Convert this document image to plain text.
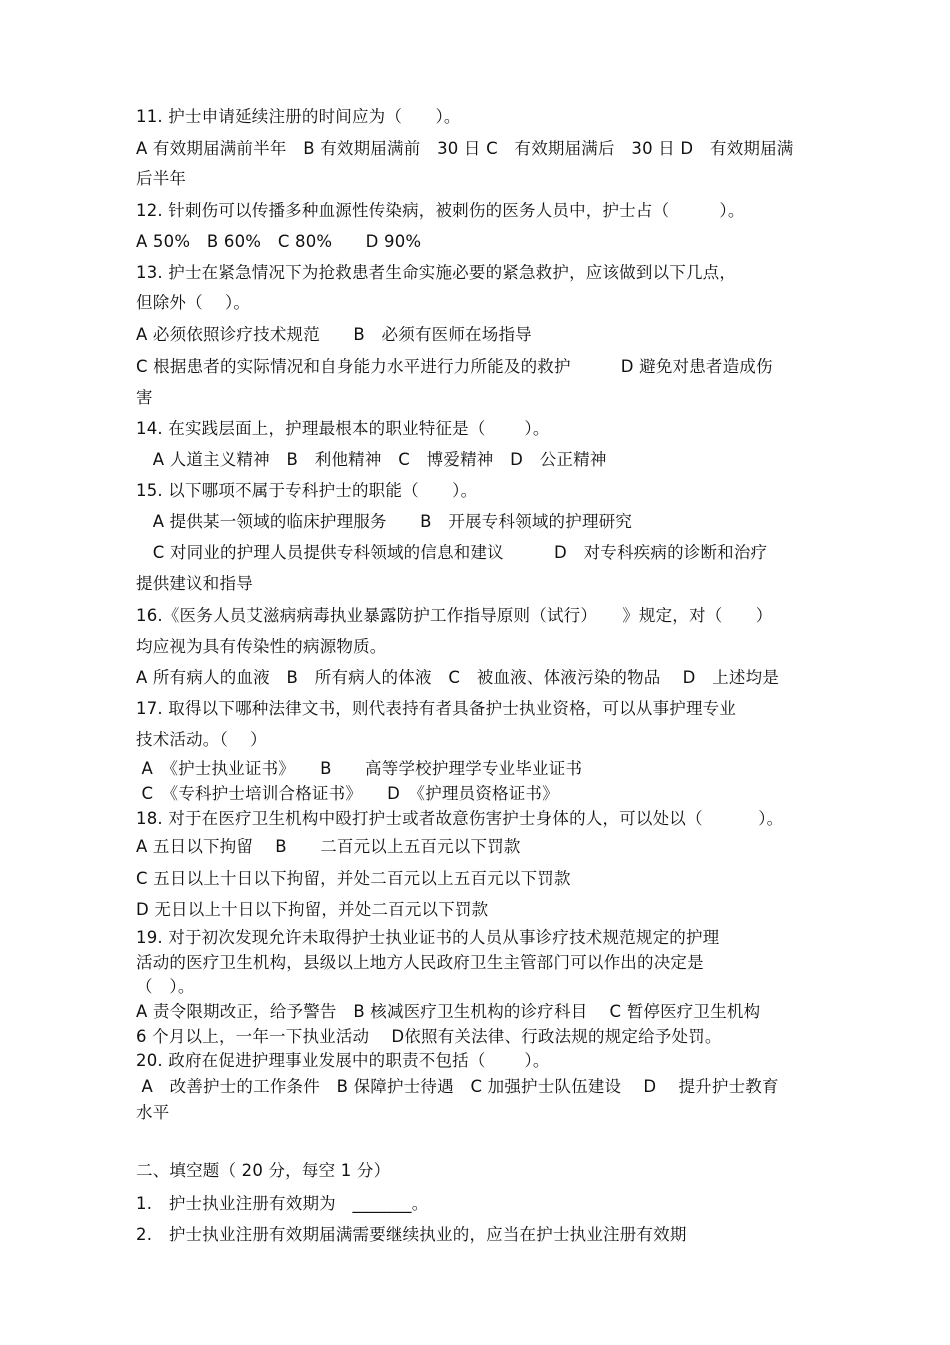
11. 护士申请延续注册的时间应为（　　）。
A 有效期届满前半年　B 有效期届满前　30 日 C　有效期届满后　30 日 D　有效期届满
后半年
12. 针刺伤可以传播多种血源性传染病，被刺伤的医务人员中，护士占（　　　）。
A 50%　B 60%　C 80%　　D 90%
13. 护士在紧急情况下为抢救患者生命实施必要的紧急救护，应该做到以下几点，
但除外（　 ）。
A 必须依照诊疗技术规范　　B　必须有医师在场指导
C 根据患者的实际情况和自身能力水平进行力所能及的救护　　　D 避免对患者造成伤
害
14. 在实践层面上，护理最根本的职业特征是（　　 ）。
　A 人道主义精神　B　利他精神　C　博爱精神　D　公正精神
15. 以下哪项不属于专科护士的职能（　　）。
　A 提供某一领域的临床护理服务　　B　开展专科领域的护理研究
　C 对同业的护理人员提供专科领域的信息和建议　　　D　对专科疾病的诊断和治疗
提供建议和指导
16.《医务人员艾滋病病毒执业暴露防护工作指导原则（试行）　　》规定，对（　　）
均应视为具有传染性的病源物质。
A 所有病人的血液　B　所有病人的体液　C　被血液、体液污染的物品　 D　上述均是
17. 取得以下哪种法律文书，则代表持有者具备护士执业资格，可以从事护理专业
技术活动。（　 ）
A　《护士执业证书》　　B　　高等学校护理学专业毕业证书
C　《专科护士培训合格证书》　　D　《护理员资格证书》
18. 对于在医疗卫生机构中殴打护士或者故意伤害护士身体的人，可以处以（　　　 ）。
A 五日以下拘留　 B　　二百元以上五百元以下罚款
C 五日以上十日以下拘留，并处二百元以上五百元以下罚款
D 无日以上十日以下拘留，并处二百元以下罚款
19. 对于初次发现允许未取得护士执业证书的人员从事诊疗技术规范规定的护理
活动的医疗卫生机构，县级以上地方人民政府卫生主管部门可以作出的决定是
（　）。
A 责令限期改正，给予警告　B 核减医疗卫生机构的诊疗科目　 C 暂停医疗卫生机构
6 个月以上，一年一下执业活动　 D依照有关法律、行政法规的规定给予处罚。
20. 政府在促进护理事业发展中的职责不包括（　　 ）。
A　改善护士的工作条件　B 保障护士待遇　C 加强护士队伍建设　 D　 提升护士教育
水平
二、填空题（ 20 分，每空 1 分）
1.　护士执业注册有效期为　_______。
2.　护士执业注册有效期届满需要继续执业的，应当在护士执业注册有效期
